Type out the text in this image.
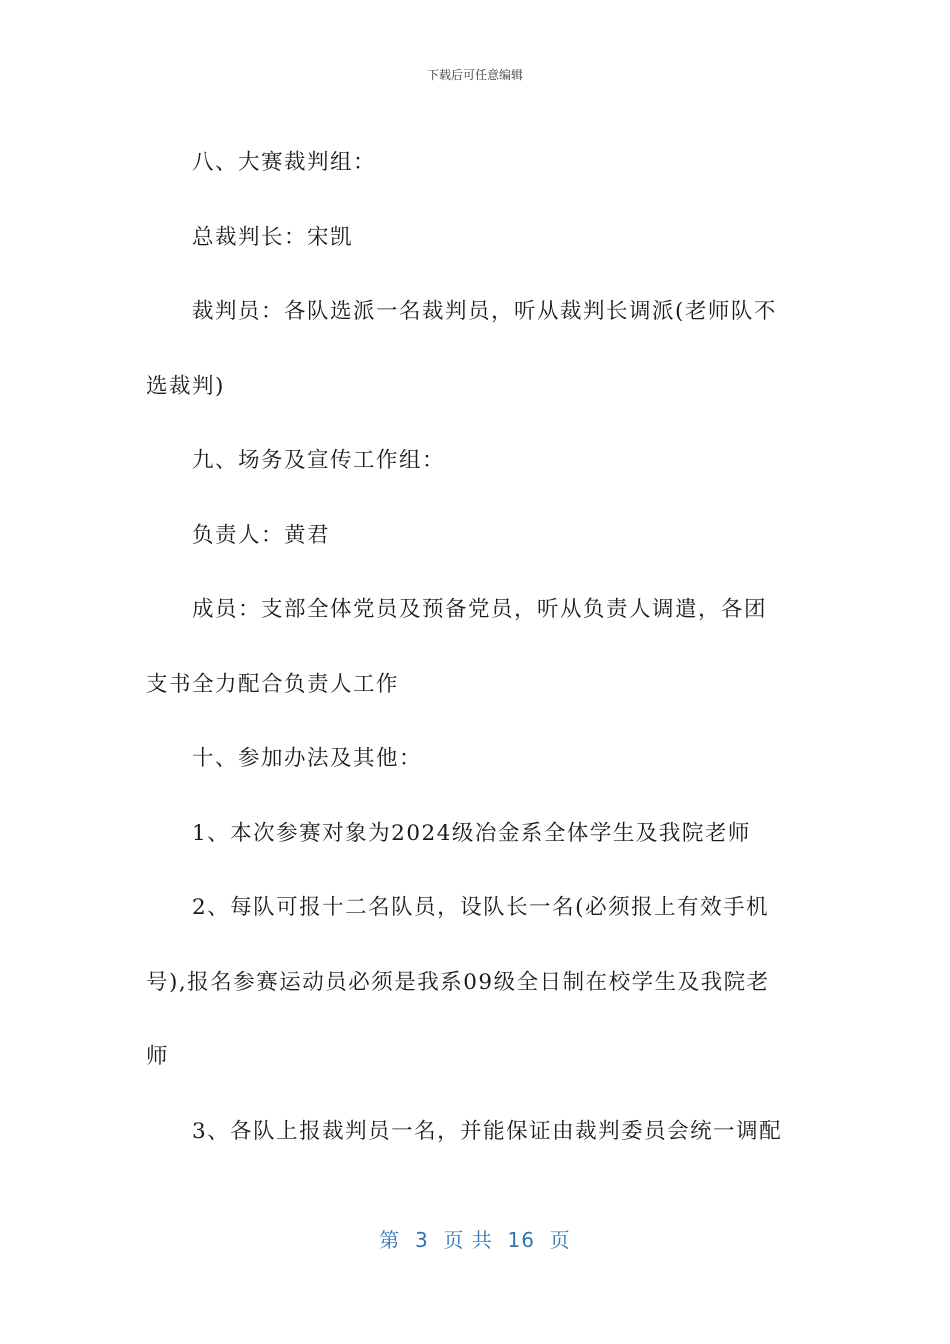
下载后可任意编辑
八、大赛裁判组：
总裁判长：宋凯
裁判员：各队选派一名裁判员，听从裁判长调派(老师队不
选裁判)
九、场务及宣传工作组：
负责人：黄君
成员：支部全体党员及预备党员，听从负责人调遣，各团
支书全力配合负责人工作
十、参加办法及其他：
1、本次参赛对象为2024级冶金系全体学生及我院老师
2、每队可报十二名队员，设队长一名(必须报上有效手机
号),报名参赛运动员必须是我系09级全日制在校学生及我院老
师
3、各队上报裁判员一名，并能保证由裁判委员会统一调配
第  3  页 共  16  页
